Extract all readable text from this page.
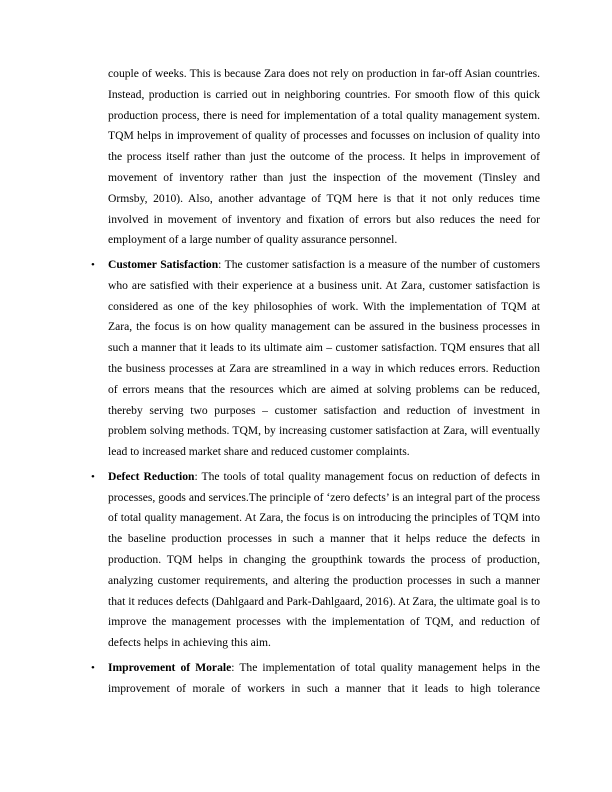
couple of weeks. This is because Zara does not rely on production in far-off Asian countries. Instead, production is carried out in neighboring countries. For smooth flow of this quick production process, there is need for implementation of a total quality management system. TQM helps in improvement of quality of processes and focusses on inclusion of quality into the process itself rather than just the outcome of the process. It helps in improvement of movement of inventory rather than just the inspection of the movement (Tinsley and Ormsby, 2010). Also, another advantage of TQM here is that it not only reduces time involved in movement of inventory and fixation of errors but also reduces the need for employment of a large number of quality assurance personnel.

• Customer Satisfaction: The customer satisfaction is a measure of the number of customers who are satisfied with their experience at a business unit. At Zara, customer satisfaction is considered as one of the key philosophies of work. With the implementation of TQM at Zara, the focus is on how quality management can be assured in the business processes in such a manner that it leads to its ultimate aim – customer satisfaction. TQM ensures that all the business processes at Zara are streamlined in a way in which reduces errors. Reduction of errors means that the resources which are aimed at solving problems can be reduced, thereby serving two purposes – customer satisfaction and reduction of investment in problem solving methods. TQM, by increasing customer satisfaction at Zara, will eventually lead to increased market share and reduced customer complaints.

• Defect Reduction: The tools of total quality management focus on reduction of defects in processes, goods and services.The principle of ‘zero defects’ is an integral part of the process of total quality management. At Zara, the focus is on introducing the principles of TQM into the baseline production processes in such a manner that it helps reduce the defects in production. TQM helps in changing the groupthink towards the process of production, analyzing customer requirements, and altering the production processes in such a manner that it reduces defects (Dahlgaard and Park-Dahlgaard, 2016). At Zara, the ultimate goal is to improve the management processes with the implementation of TQM, and reduction of defects helps in achieving this aim.

• Improvement of Morale: The implementation of total quality management helps in the improvement of morale of workers in such a manner that it leads to high tolerance
